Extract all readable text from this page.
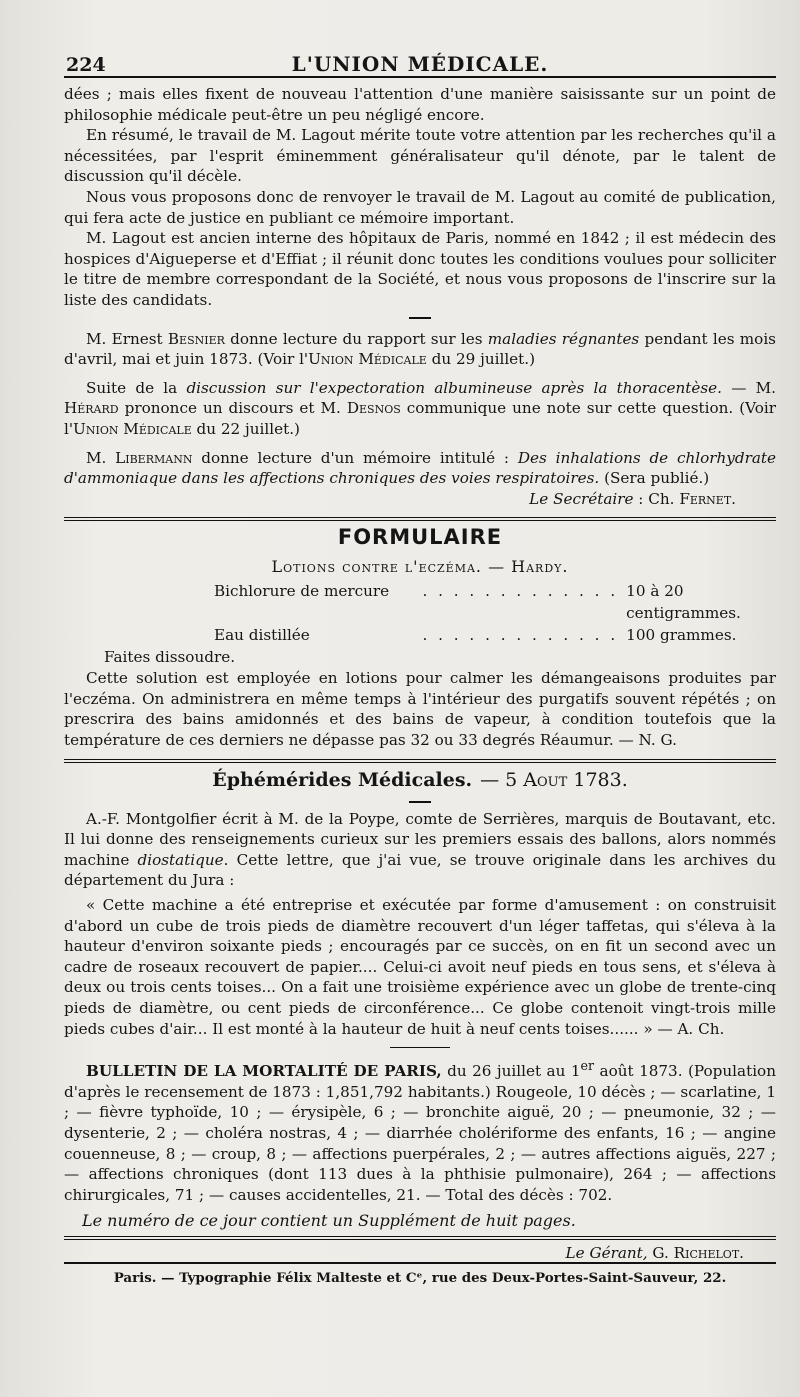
224	L'UNION MÉDICALE.

dées ; mais elles fixent de nouveau l'attention d'une manière saisissante sur un point de philosophie médicale peut-être un peu négligé encore.

En résumé, le travail de M. Lagout mérite toute votre attention par les recherches qu'il a nécessitées, par l'esprit éminemment généralisateur qu'il dénote, par le talent de discussion qu'il décèle.

Nous vous proposons donc de renvoyer le travail de M. Lagout au comité de publication, qui fera acte de justice en publiant ce mémoire important.

M. Lagout est ancien interne des hôpitaux de Paris, nommé en 1842 ; il est médecin des hospices d'Aigueperse et d'Effiat ; il réunit donc toutes les conditions voulues pour solliciter le titre de membre correspondant de la Société, et nous vous proposons de l'inscrire sur la liste des candidats.

M. Ernest Besnier donne lecture du rapport sur les maladies régnantes pendant les mois d'avril, mai et juin 1873. (Voir l'Union Médicale du 29 juillet.)

Suite de la discussion sur l'expectoration albumineuse après la thoracentèse. — M. Hérard prononce un discours et M. Desnos communique une note sur cette question. (Voir l'Union Médicale du 22 juillet.)

M. Libermann donne lecture d'un mémoire intitulé : Des inhalations de chlorhydrate d'ammoniaque dans les affections chroniques des voies respiratoires. (Sera publié.)

Le Secrétaire : Ch. Fernet.

FORMULAIRE
Lotions contre l'eczéma. — Hardy.
Bichlorure de mercure	. . . . . . . . . . . . . 10 à 20 centigrammes.
Eau distillée	. . . . . . . . . . . . . 100 grammes.
Faites dissoudre.

Cette solution est employée en lotions pour calmer les démangeaisons produites par l'eczéma. On administrera en même temps à l'intérieur des purgatifs souvent répétés ; on prescrira des bains amidonnés et des bains de vapeur, à condition toutefois que la température de ces derniers ne dépasse pas 32 ou 33 degrés Réaumur. — N. G.

Éphémérides Médicales. — 5 Aout 1783.

A.-F. Montgolfier écrit à M. de la Poype, comte de Serrières, marquis de Boutavant, etc. Il lui donne des renseignements curieux sur les premiers essais des ballons, alors nommés machine diostatique. Cette lettre, que j'ai vue, se trouve originale dans les archives du département du Jura :

« Cette machine a été entreprise et exécutée par forme d'amusement : on construisit d'abord un cube de trois pieds de diamètre recouvert d'un léger taffetas, qui s'éleva à la hauteur d'environ soixante pieds ; encouragés par ce succès, on en fit un second avec un cadre de roseaux recouvert de papier.... Celui-ci avoit neuf pieds en tous sens, et s'éleva à deux ou trois cents toises... On a fait une troisième expérience avec un globe de trente-cinq pieds de diamètre, ou cent pieds de circonférence... Ce globe contenoit vingt-trois mille pieds cubes d'air... Il est monté à la hauteur de huit à neuf cents toises...... » — A. Ch.

BULLETIN DE LA MORTALITÉ DE PARIS, du 26 juillet au 1er août 1873. (Population d'après le recensement de 1873 : 1,851,792 habitants.) Rougeole, 10 décès ; — scarlatine, 1 ; — fièvre typhoïde, 10 ; — érysipèle, 6 ; — bronchite aiguë, 20 ; — pneumonie, 32 ; — dysenterie, 2 ; — choléra nostras, 4 ; — diarrhée cholériforme des enfants, 16 ; — angine couenneuse, 8 ; — croup, 8 ; — affections puerpérales, 2 ; — autres affections aiguës, 227 ; — affections chroniques (dont 113 dues à la phthisie pulmonaire), 264 ; — affections chirurgicales, 71 ; — causes accidentelles, 21. — Total des décès : 702.

Le numéro de ce jour contient un Supplément de huit pages.
Le Gérant, G. Richelot.
Paris. — Typographie Félix Malteste et Cᵉ, rue des Deux-Portes-Saint-Sauveur, 22.
